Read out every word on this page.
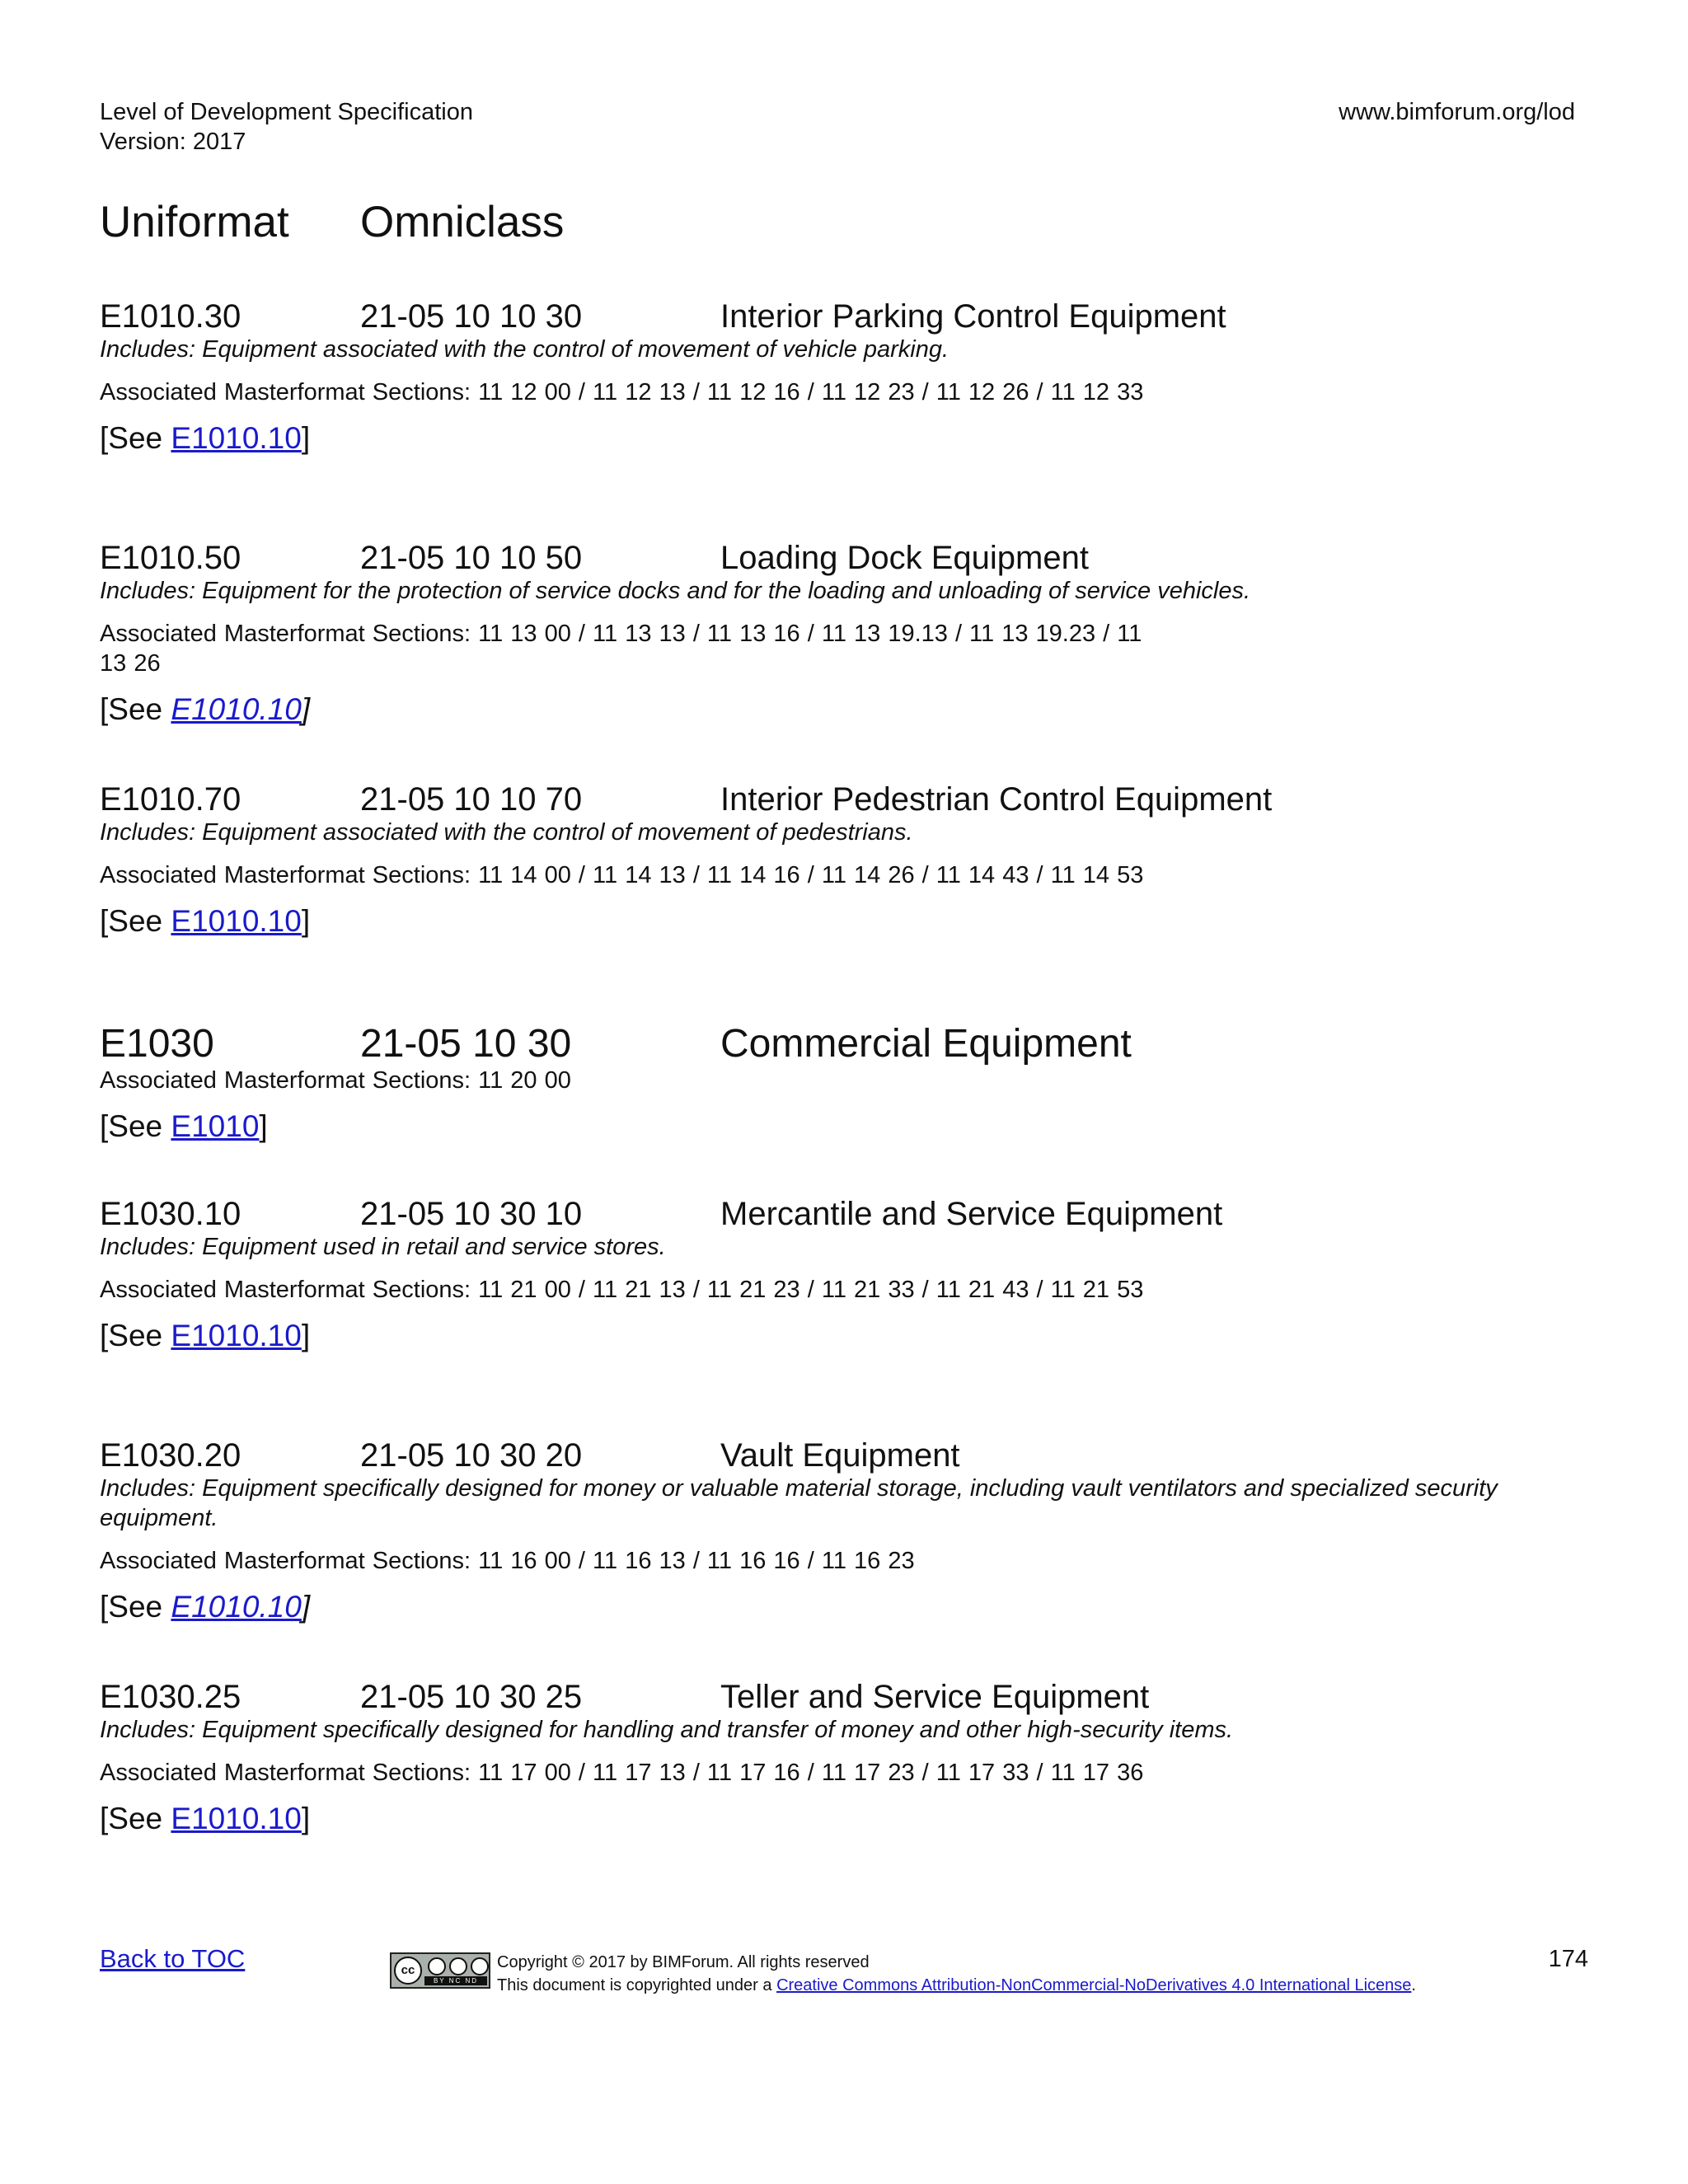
Level of Development Specification
Version: 2017
www.bimforum.org/lod
Uniformat Omniclass
E1010.30	21-05 10 10 30	Interior Parking Control Equipment
Includes: Equipment associated with the control of movement of vehicle parking.
Associated Masterformat Sections: 11 12 00 / 11 12 13 / 11 12 16 / 11 12 23 / 11 12 26 / 11 12 33
[See E1010.10]
E1010.50	21-05 10 10 50	Loading Dock Equipment
Includes: Equipment for the protection of service docks and for the loading and unloading of service vehicles.
Associated Masterformat Sections: 11 13 00 / 11 13 13 / 11 13 16 / 11 13 19.13 / 11 13 19.23 / 11 13 26
[See E1010.10]
E1010.70	21-05 10 10 70	Interior Pedestrian Control Equipment
Includes: Equipment associated with the control of movement of pedestrians.
Associated Masterformat Sections: 11 14 00 / 11 14 13 / 11 14 16 / 11 14 26 / 11 14 43 / 11 14 53
[See E1010.10]
E1030	21-05 10 30	Commercial Equipment
Associated Masterformat Sections: 11 20 00
[See E1010]
E1030.10	21-05 10 30 10	Mercantile and Service Equipment
Includes: Equipment used in retail and service stores.
Associated Masterformat Sections: 11 21 00 / 11 21 13 / 11 21 23 / 11 21 33 / 11 21 43 / 11 21 53
[See E1010.10]
E1030.20	21-05 10 30 20	Vault Equipment
Includes: Equipment specifically designed for money or valuable material storage, including vault ventilators and specialized security equipment.
Associated Masterformat Sections: 11 16 00 / 11 16 13 / 11 16 16 / 11 16 23
[See E1010.10]
E1030.25	21-05 10 30 25	Teller and Service Equipment
Includes: Equipment specifically designed for handling and transfer of money and other high-security items.
Associated Masterformat Sections: 11 17 00 / 11 17 13 / 11 17 16 / 11 17 23 / 11 17 33 / 11 17 36
[See E1010.10]
Back to TOC	cc
BY NC ND
Copyright © 2017 by BIMForum. All rights reserved
This document is copyrighted under a Creative Commons Attribution-NonCommercial-NoDerivatives 4.0 International License.
174
